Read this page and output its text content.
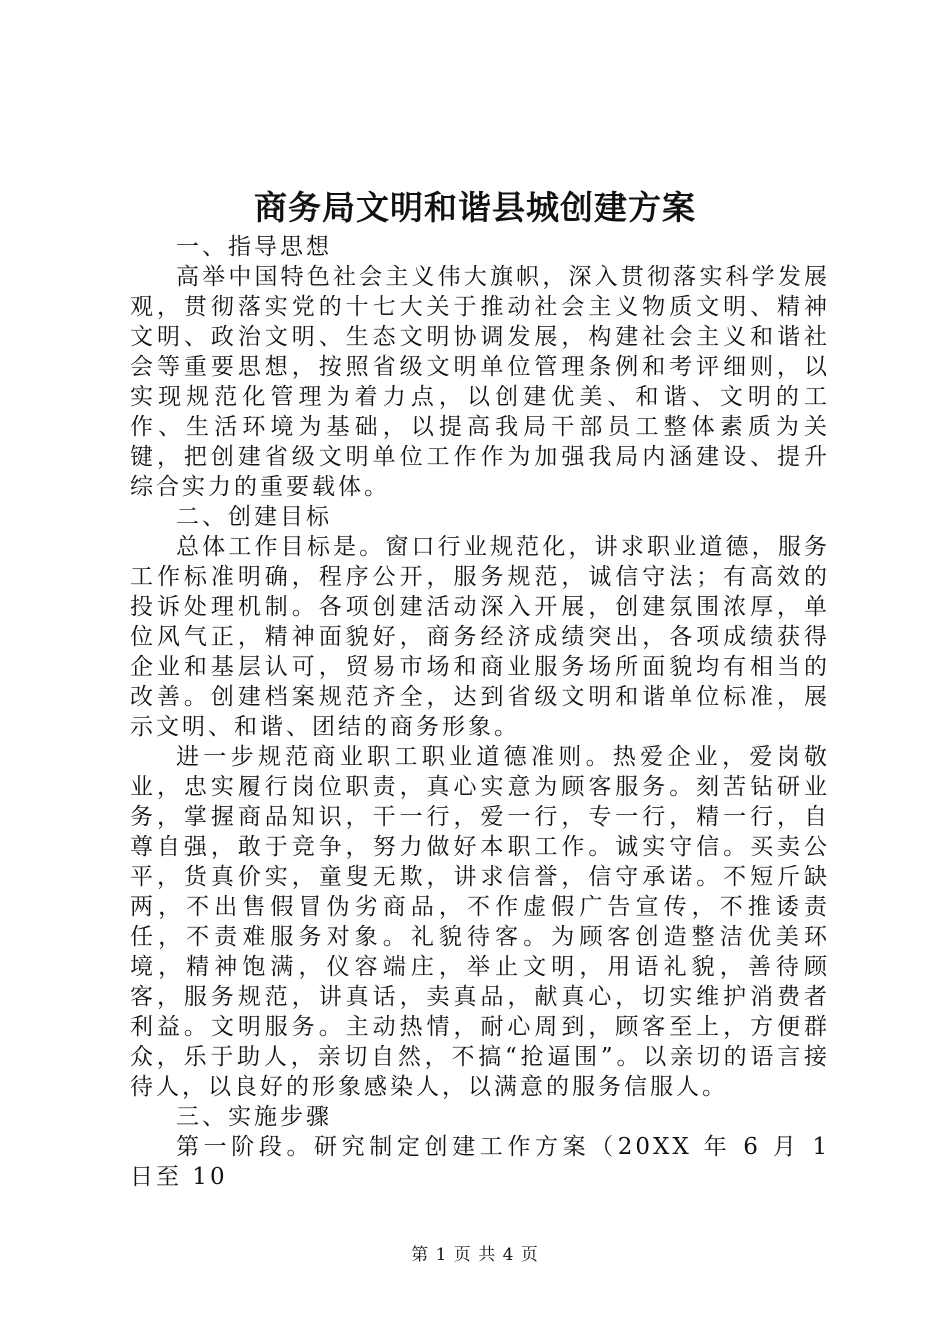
商务局文明和谐县城创建方案

一、指导思想

高举中国特色社会主义伟大旗帜，深入贯彻落实科学发展观，贯彻落实党的十七大关于推动社会主义物质文明、精神文明、政治文明、生态文明协调发展，构建社会主义和谐社会等重要思想，按照省级文明单位管理条例和考评细则，以实现规范化管理为着力点，以创建优美、和谐、文明的工作、生活环境为基础，以提高我局干部员工整体素质为关键，把创建省级文明单位工作作为加强我局内涵建设、提升综合实力的重要载体。

二、创建目标

总体工作目标是。窗口行业规范化，讲求职业道德，服务工作标准明确，程序公开，服务规范，诚信守法；有高效的投诉处理机制。各项创建活动深入开展，创建氛围浓厚，单位风气正，精神面貌好，商务经济成绩突出，各项成绩获得企业和基层认可，贸易市场和商业服务场所面貌均有相当的改善。创建档案规范齐全，达到省级文明和谐单位标准，展示文明、和谐、团结的商务形象。

进一步规范商业职工职业道德准则。热爱企业，爱岗敬业，忠实履行岗位职责，真心实意为顾客服务。刻苦钻研业务，掌握商品知识，干一行，爱一行，专一行，精一行，自尊自强，敢于竞争，努力做好本职工作。诚实守信。买卖公平，货真价实，童叟无欺，讲求信誉，信守承诺。不短斤缺两，不出售假冒伪劣商品，不作虚假广告宣传，不推诿责任，不责难服务对象。礼貌待客。为顾客创造整洁优美环境，精神饱满，仪容端庄，举止文明，用语礼貌，善待顾客，服务规范，讲真话，卖真品，献真心，切实维护消费者利益。文明服务。主动热情，耐心周到，顾客至上，方便群众，乐于助人，亲切自然，不搞“抢逼围”。以亲切的语言接待人，以良好的形象感染人，以满意的服务信服人。

三、实施步骤

第一阶段。研究制定创建工作方案（20XX 年 6 月 1 日至 10

第 1 页 共 4 页
